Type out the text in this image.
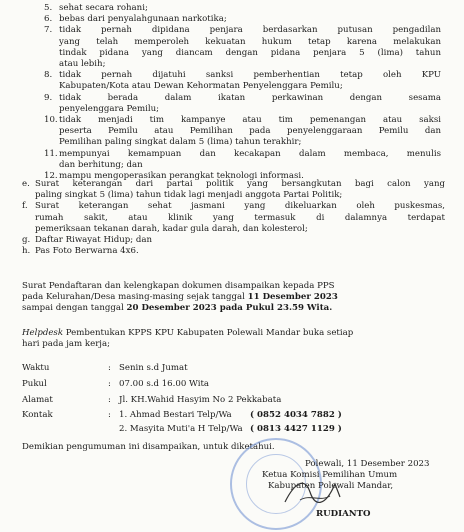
5. sehat secara rohani;
6. bebas dari penyalahgunaan narkotika;
7. tidak pernah dipidana penjara berdasarkan putusan pengadilan
yang telah memperoleh kekuatan hukum tetap karena melakukan
tindak pidana yang diancam dengan pidana penjara 5 (lima) tahun
atau lebih;
8. tidak pernah dijatuhi sanksi pemberhentian tetap oleh KPU
Kabupaten/Kota atau Dewan Kehormatan Penyelenggara Pemilu;
9. tidak berada dalam ikatan perkawinan dengan sesama
penyelenggara Pemilu;
10. tidak menjadi tim kampanye atau tim pemenangan atau saksi
peserta Pemilu atau Pemilihan pada penyelenggaraan Pemilu dan
Pemilihan paling singkat dalam 5 (lima) tahun terakhir;
11. mempunyai kemampuan dan kecakapan dalam membaca, menulis
dan berhitung; dan
12. mampu mengoperasikan perangkat teknologi informasi.
e. Surat keterangan dari partai politik yang bersangkutan bagi calon yang
paling singkat 5 (lima) tahun tidak lagi menjadi anggota Partai Politik;
f. Surat keterangan sehat jasmani yang dikeluarkan oleh puskesmas,
rumah sakit, atau klinik yang termasuk di dalamnya terdapat
pemeriksaan tekanan darah, kadar gula darah, dan kolesterol;
g. Daftar Riwayat Hidup; dan
h. Pas Foto Berwarna 4x6.
Surat Pendaftaran dan kelengkapan dokumen disampaikan kepada PPS
pada Kelurahan/Desa masing-masing sejak tanggal 11 Desember 2023
sampai dengan tanggal 20 Desember 2023 pada Pukul 23.59 Wita.
Helpdesk Pembentukan KPPS KPU Kabupaten Polewali Mandar buka setiap
hari pada jam kerja;
Waktu	: Senin s.d Jumat
Pukul	: 07.00 s.d 16.00 Wita
Alamat	: Jl. KH.Wahid Hasyim No 2 Pekkabata
Kontak	: 1. Ahmad Bestari Telp/Wa ( 0852 4034 7882 )
2. Masyita Muti'a H Telp/Wa ( 0813 4427 1129 )
Demikian pengumuman ini disampaikan, untuk diketahui.
Polewali, 11 Desember 2023
Ketua Komisi Pemilihan Umum
Kabupaten Polewali Mandar,
RUDIANTO
